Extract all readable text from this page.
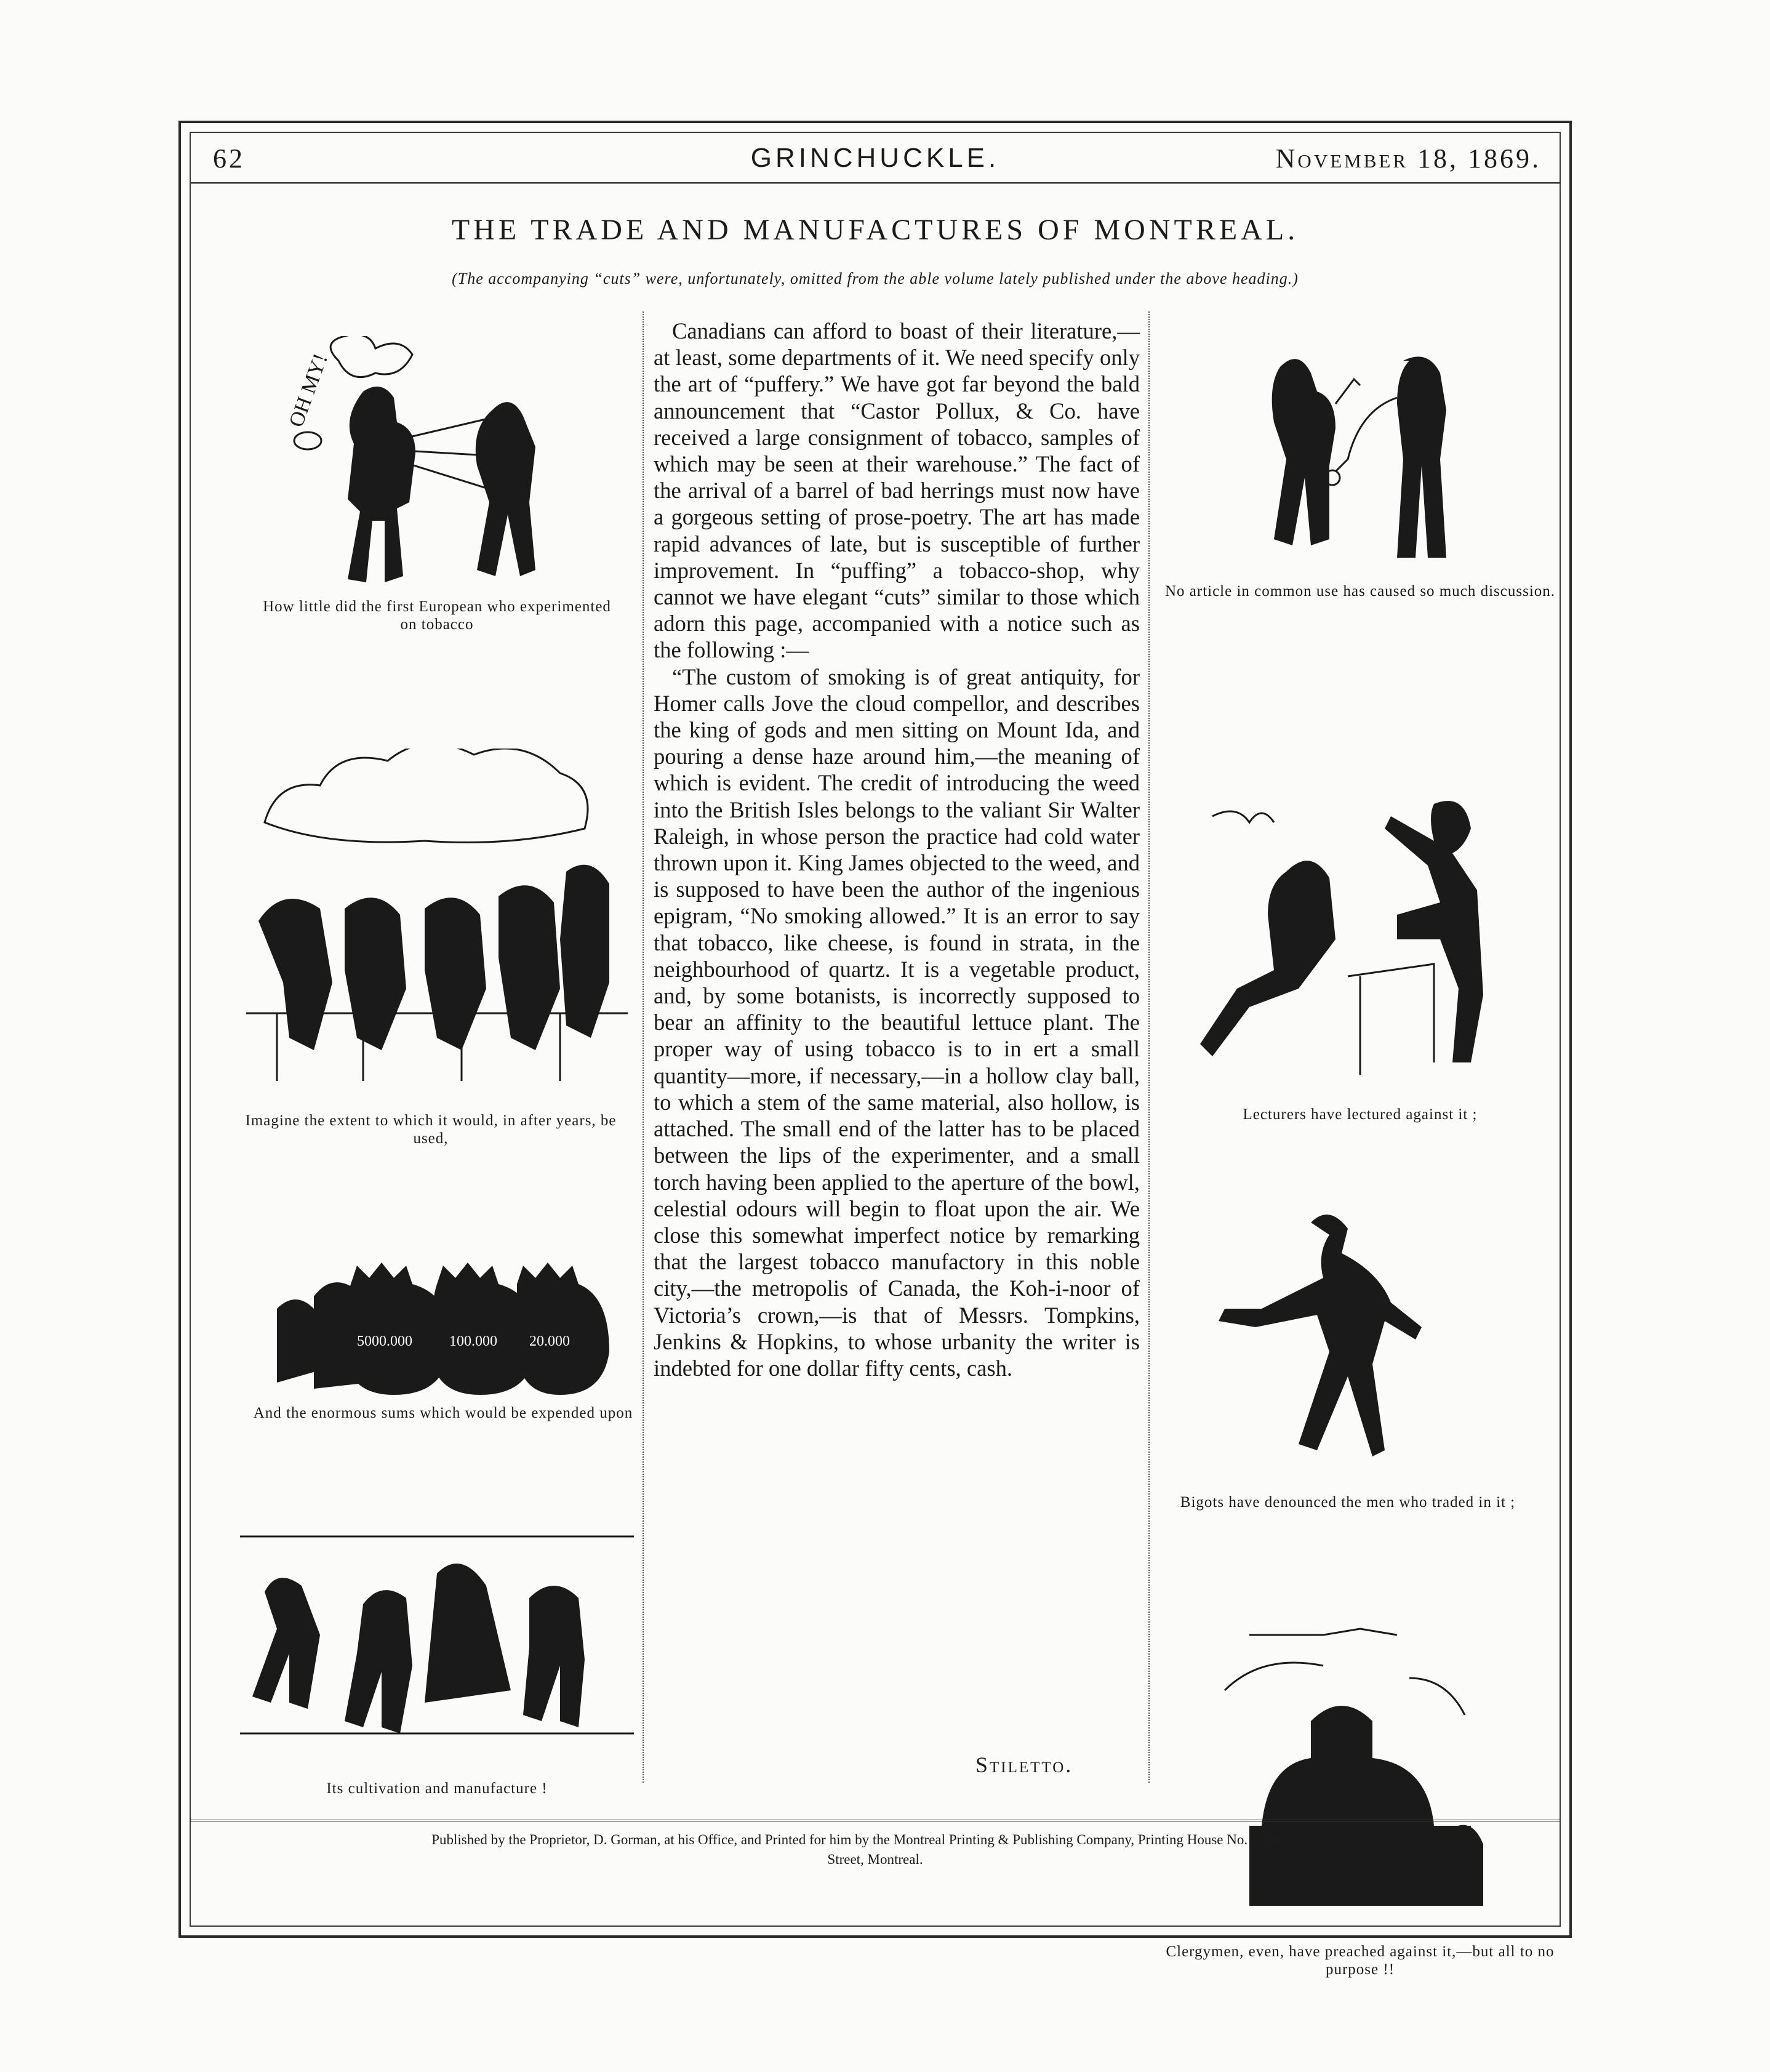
62	GRINCHUCKLE.	November 18, 1869.
THE TRADE AND MANUFACTURES OF MONTREAL.
(The accompanying “cuts” were, unfortunately, omitted from the able volume lately published under the above heading.)
OH MY!
How little did the first European who experimented on tobacco
Imagine the extent to which it would, in after years, be used,
5000.000	100.000 20.000
And the enormous sums which would be expended upon
Its cultivation and manufacture !

Canadians can afford to boast of their literature,—at least, some departments of it. We need specify only the art of “puffery.” We have got far beyond the bald announcement that “Castor Pollux, & Co. have received a large consignment of tobacco, samples of which may be seen at their warehouse.” The fact of the arrival of a barrel of bad herrings must now have a gorgeous setting of prose-poetry. The art has made rapid advances of late, but is susceptible of further improvement. In “puffing” a tobacco-shop, why cannot we have elegant “cuts” similar to those which adorn this page, accompanied with a notice such as the following :—

“The custom of smoking is of great antiquity, for Homer calls Jove the cloud compellor, and describes the king of gods and men sitting on Mount Ida, and pouring a dense haze around him,—the meaning of which is evident. The credit of introducing the weed into the British Isles belongs to the valiant Sir Walter Raleigh, in whose person the practice had cold water thrown upon it. King James objected to the weed, and is supposed to have been the author of the ingenious epigram, “No smoking allowed.” It is an error to say that tobacco, like cheese, is found in strata, in the neighbourhood of quartz. It is a vegetable product, and, by some botanists, is incorrectly supposed to bear an affinity to the beautiful lettuce plant. The proper way of using tobacco is to in ert a small quantity—more, if necessary,—in a hollow clay ball, to which a stem of the same material, also hollow, is attached. The small end of the latter has to be placed between the lips of the experimenter, and a small torch having been applied to the aperture of the bowl, celestial odours will begin to float upon the air. We close this somewhat imperfect notice by remarking that the largest tobacco manufactory in this noble city,—the metropolis of Canada, the Koh-i-noor of Victoria’s crown,—is that of Messrs. Tompkins, Jenkins & Hopkins, to whose urbanity the writer is indebted for one dollar fifty cents, cash.

Stiletto.
No article in common use has caused so much discussion.
Lecturers have lectured against it ;
Bigots have denounced the men who traded in it ;
Clergymen, even, have preached against it,—but all to no purpose !!
Published by the Proprietor, D. Gorman, at his Office, and Printed for him by the Montreal Printing & Publishing Company, Printing House No. 67 St James
Street, Montreal.
